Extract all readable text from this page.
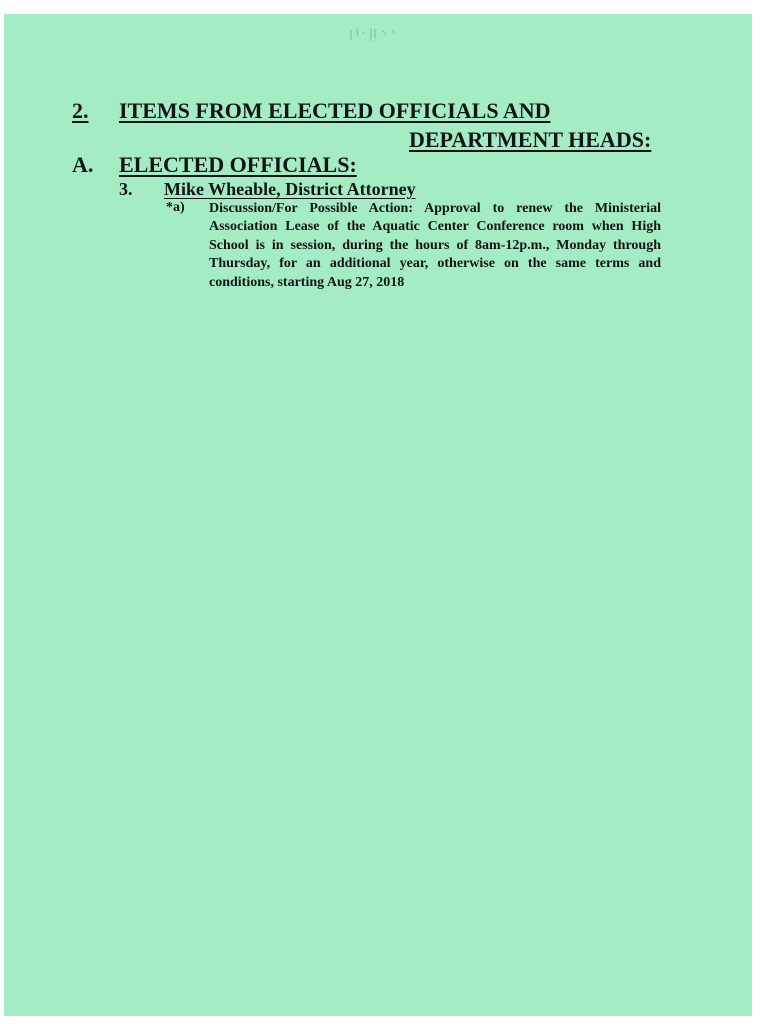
2. ITEMS FROM ELECTED OFFICIALS AND
DEPARTMENT HEADS:
A. ELECTED OFFICIALS:
3. Mike Wheable, District Attorney
*a) Discussion/For Possible Action: Approval to renew the Ministerial Association Lease of the Aquatic Center Conference room when High School is in session, during the hours of 8am-12p.m., Monday through Thursday, for an additional year, otherwise on the same terms and conditions, starting Aug 27, 2018
